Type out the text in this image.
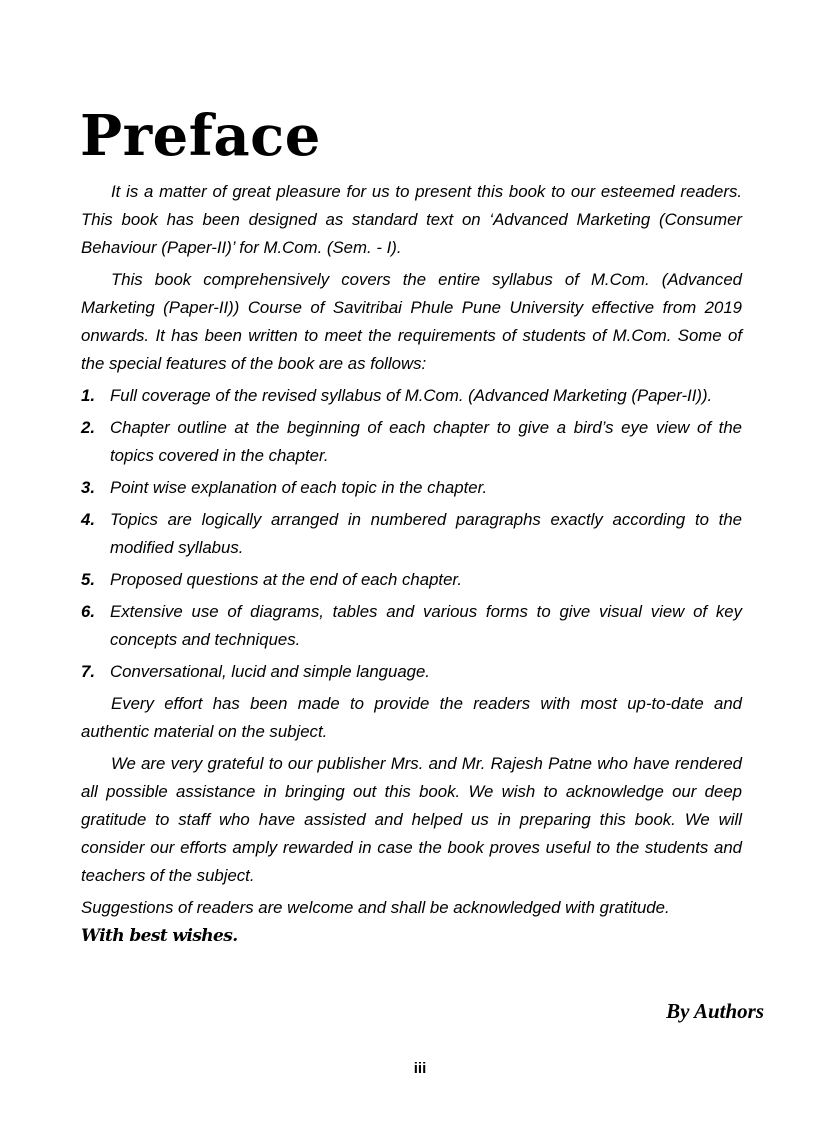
Preface

It is a matter of great pleasure for us to present this book to our esteemed readers. This book has been designed as standard text on ‘Advanced Marketing (Consumer Behaviour (Paper-II)’ for M.Com. (Sem. - I).

This book comprehensively covers the entire syllabus of M.Com. (Advanced Marketing (Paper-II)) Course of Savitribai Phule Pune University effective from 2019 onwards. It has been written to meet the requirements of students of M.Com. Some of the special features of the book are as follows:

1. Full coverage of the revised syllabus of M.Com. (Advanced Marketing (Paper-II)).
2. Chapter outline at the beginning of each chapter to give a bird’s eye view of the topics covered in the chapter.
3. Point wise explanation of each topic in the chapter.
4. Topics are logically arranged in numbered paragraphs exactly according to the modified syllabus.
5. Proposed questions at the end of each chapter.
6. Extensive use of diagrams, tables and various forms to give visual view of key concepts and techniques.
7. Conversational, lucid and simple language.

Every effort has been made to provide the readers with most up-to-date and authentic material on the subject.

We are very grateful to our publisher Mrs. and Mr. Rajesh Patne who have rendered all possible assistance in bringing out this book. We wish to acknowledge our deep gratitude to staff who have assisted and helped us in preparing this book. We will consider our efforts amply rewarded in case the book proves useful to the students and teachers of the subject.

Suggestions of readers are welcome and shall be acknowledged with gratitude.

With best wishes.

By Authors

iii
